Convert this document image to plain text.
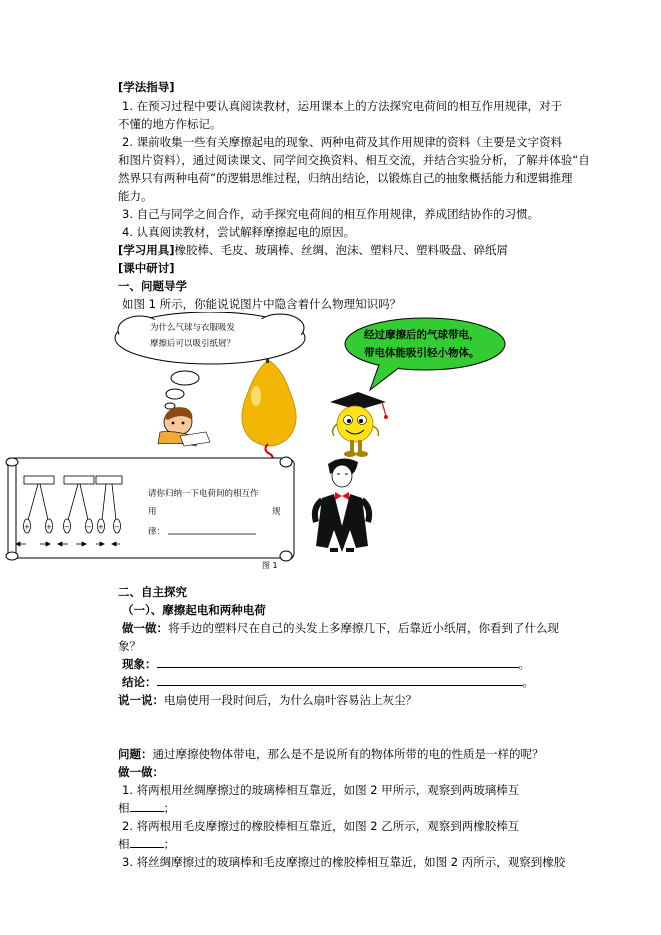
[学法指导]
1. 在预习过程中要认真阅读教材，运用课本上的方法探究电荷间的相互作用规律，对于
不懂的地方作标记。
2. 课前收集一些有关摩擦起电的现象、两种电荷及其作用规律的资料（主要是文字资料
和图片资料），通过阅读课文、同学间交换资料、相互交流，并结合实验分析，了解并体验“自
然界只有两种电荷”的逻辑思维过程，归纳出结论，以锻炼自己的抽象概括能力和逻辑推理
能力。
3. 自己与同学之间合作，动手探究电荷间的相互作用规律，养成团结协作的习惯。
4. 认真阅读教材，尝试解释摩擦起电的原因。
[学习用具]橡胶棒、毛皮、玻璃棒、丝绸、泡沫、塑料尺、塑料吸盘、碎纸屑
[课中研讨]
一、问题导学
如图 1 所示，你能说说图片中隐含着什么物理知识吗？
为什么气球与衣服吸发
摩擦后可以吸引纸屑？
经过摩擦后的气球带电，
带电体能吸引轻小物体。
+ + − − + −
请你归纳一下电荷间的相互作
用	规
律：
图 1
二、自主探究
（一）、摩擦起电和两种电荷
做一做：将手边的塑料尺在自己的头发上多摩擦几下，后靠近小纸屑，你看到了什么现
象？
现象：	。
结论：	。
说一说：电扇使用一段时间后，为什么扇叶容易沾上灰尘？
问题：通过摩擦使物体带电，那么是不是说所有的物体所带的电的性质是一样的呢？
做一做：
1. 将两根用丝绸摩擦过的玻璃棒相互靠近，如图 2 甲所示，观察到两玻璃棒互
相	；
2. 将两根用毛皮摩擦过的橡胶棒相互靠近，如图 2 乙所示，观察到两橡胶棒互
相	；
3. 将丝绸摩擦过的玻璃棒和毛皮摩擦过的橡胶棒相互靠近，如图 2 丙所示，观察到橡胶
